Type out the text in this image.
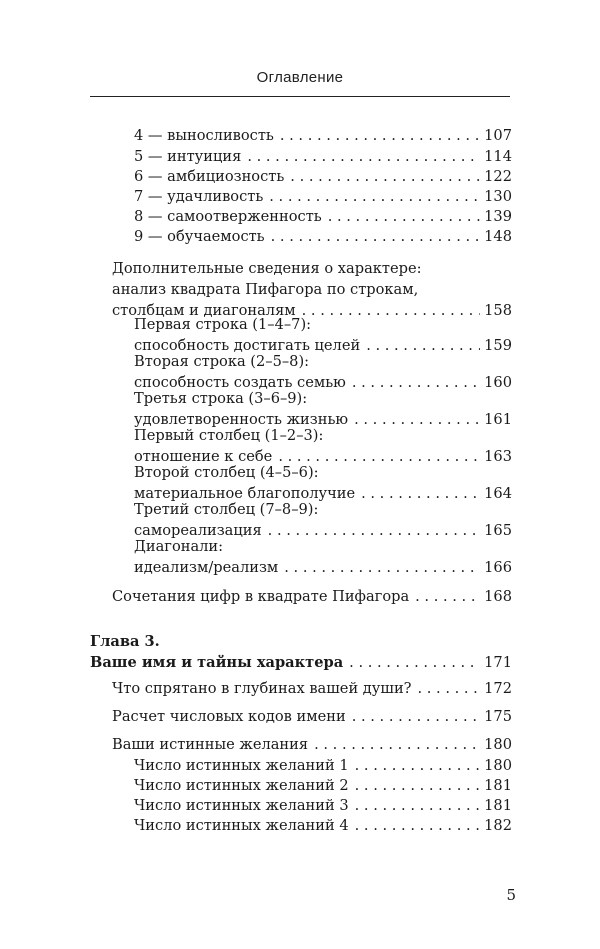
Оглавление
4 — выносливость . . .	107
5 — интуиция . . .	114
6 — амбициозность . . .	122
7 — удачливость . . .	130
8 — самоотверженность . . .	139
9 — обучаемость . . .	148
Дополнительные сведения о характере:
анализ квадрата Пифагора по строкам,
столбцам и диагоналям . . .	158
Первая строка (1–4–7):
способность достигать целей . . .	159
Вторая строка (2–5–8):
способность создать семью . . .	160
Третья строка (3–6–9):
удовлетворенность жизнью . . .	161
Первый столбец (1–2–3):
отношение к себе . . .	163
Второй столбец (4–5–6):
материальное благополучие . . .	164
Третий столбец (7–8–9):
самореализация . . .	165
Диагонали:
идеализм/реализм . . .	166
Сочетания цифр в квадрате Пифагора . . .	168
Глава 3.
Ваше имя и тайны характера . . .	171
Что спрятано в глубинах вашей души? . . .	172
Расчет числовых кодов имени . . .	175
Ваши истинные желания . . .	180
Число истинных желаний 1 . . .	180
Число истинных желаний 2 . . .	181
Число истинных желаний 3 . . .	181
Число истинных желаний 4 . . .	182
5
